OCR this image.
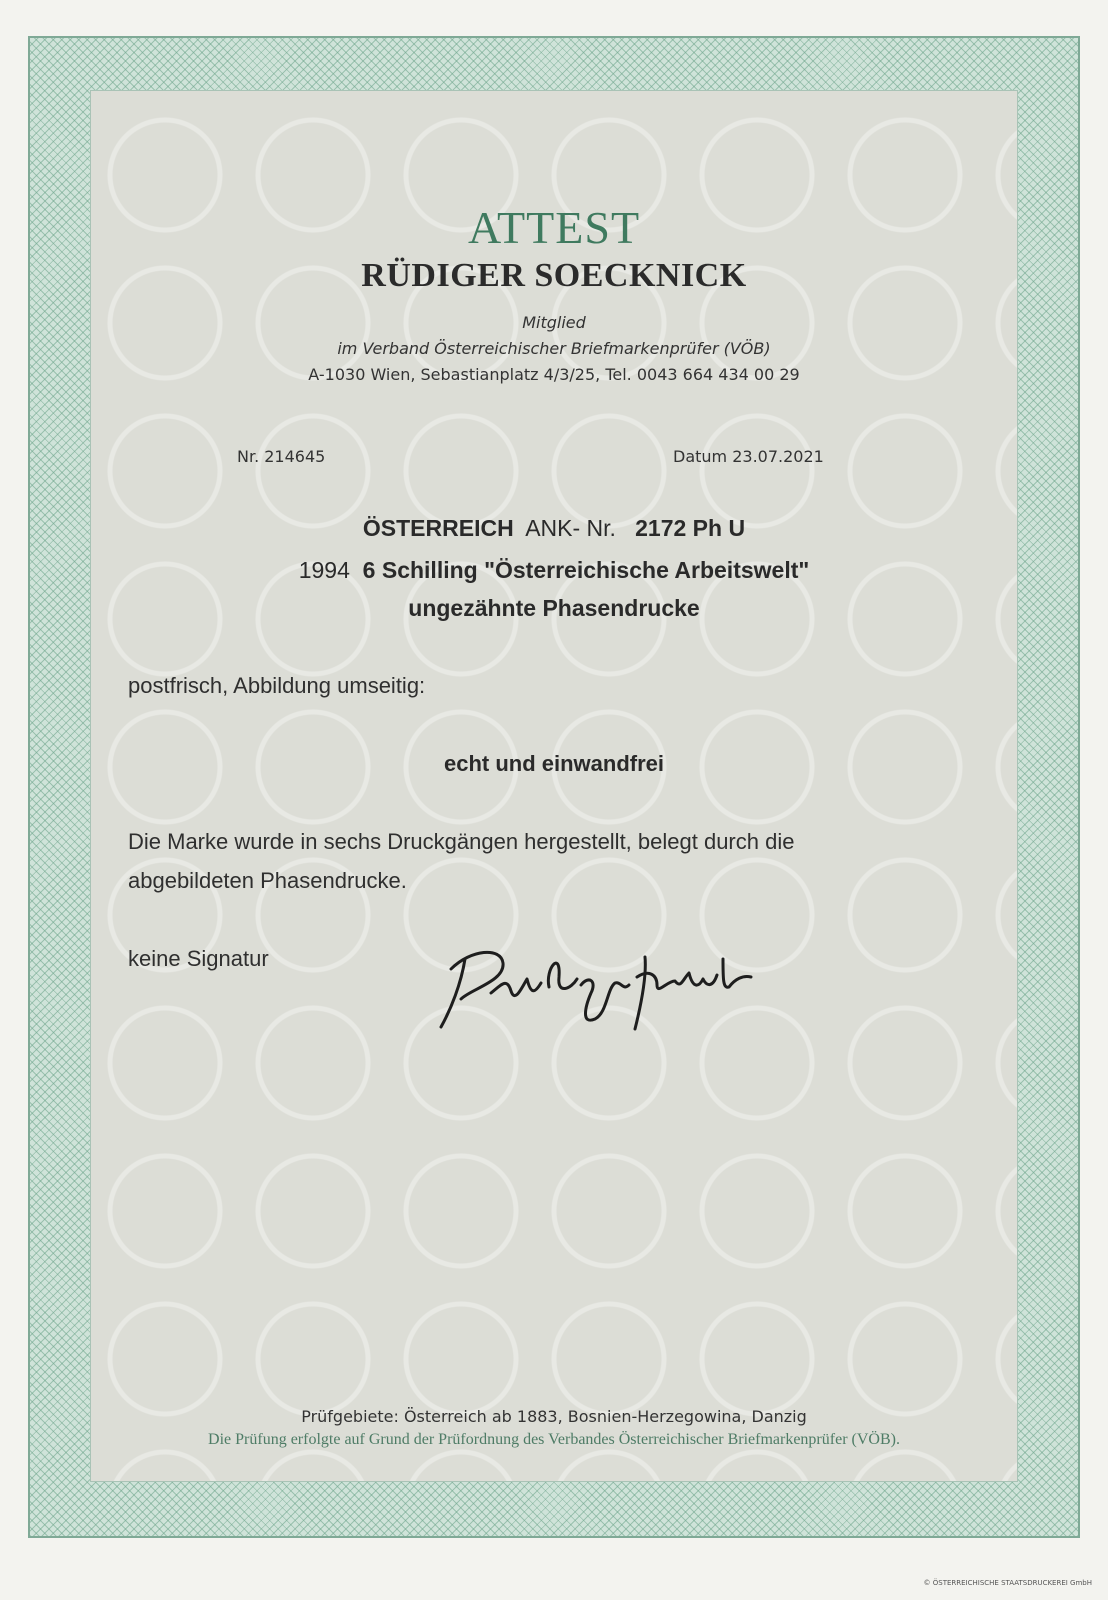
ATTEST

RÜDIGER SOECKNICK

Mitglied

im Verband Österreichischer Briefmarkenprüfer (VÖB)

A-1030 Wien, Sebastianplatz 4/3/25, Tel. 0043 664 434 00 29

Nr. 214645	Datum 23.07.2021

ÖSTERREICH ANK- Nr. 2172 Ph U

1994 6 Schilling "Österreichische Arbeitswelt"

ungezähnte Phasendrucke

postfrisch, Abbildung umseitig:

echt und einwandfrei

Die Marke wurde in sechs Druckgängen hergestellt, belegt durch die

abgebildeten Phasendrucke.

keine Signatur

Prüfgebiete: Österreich ab 1883, Bosnien-Herzegowina, Danzig

Die Prüfung erfolgte auf Grund der Prüfordnung des Verbandes Österreichischer Briefmarkenprüfer (VÖB).

© ÖSTERREICHISCHE STAATSDRUCKEREI GmbH
